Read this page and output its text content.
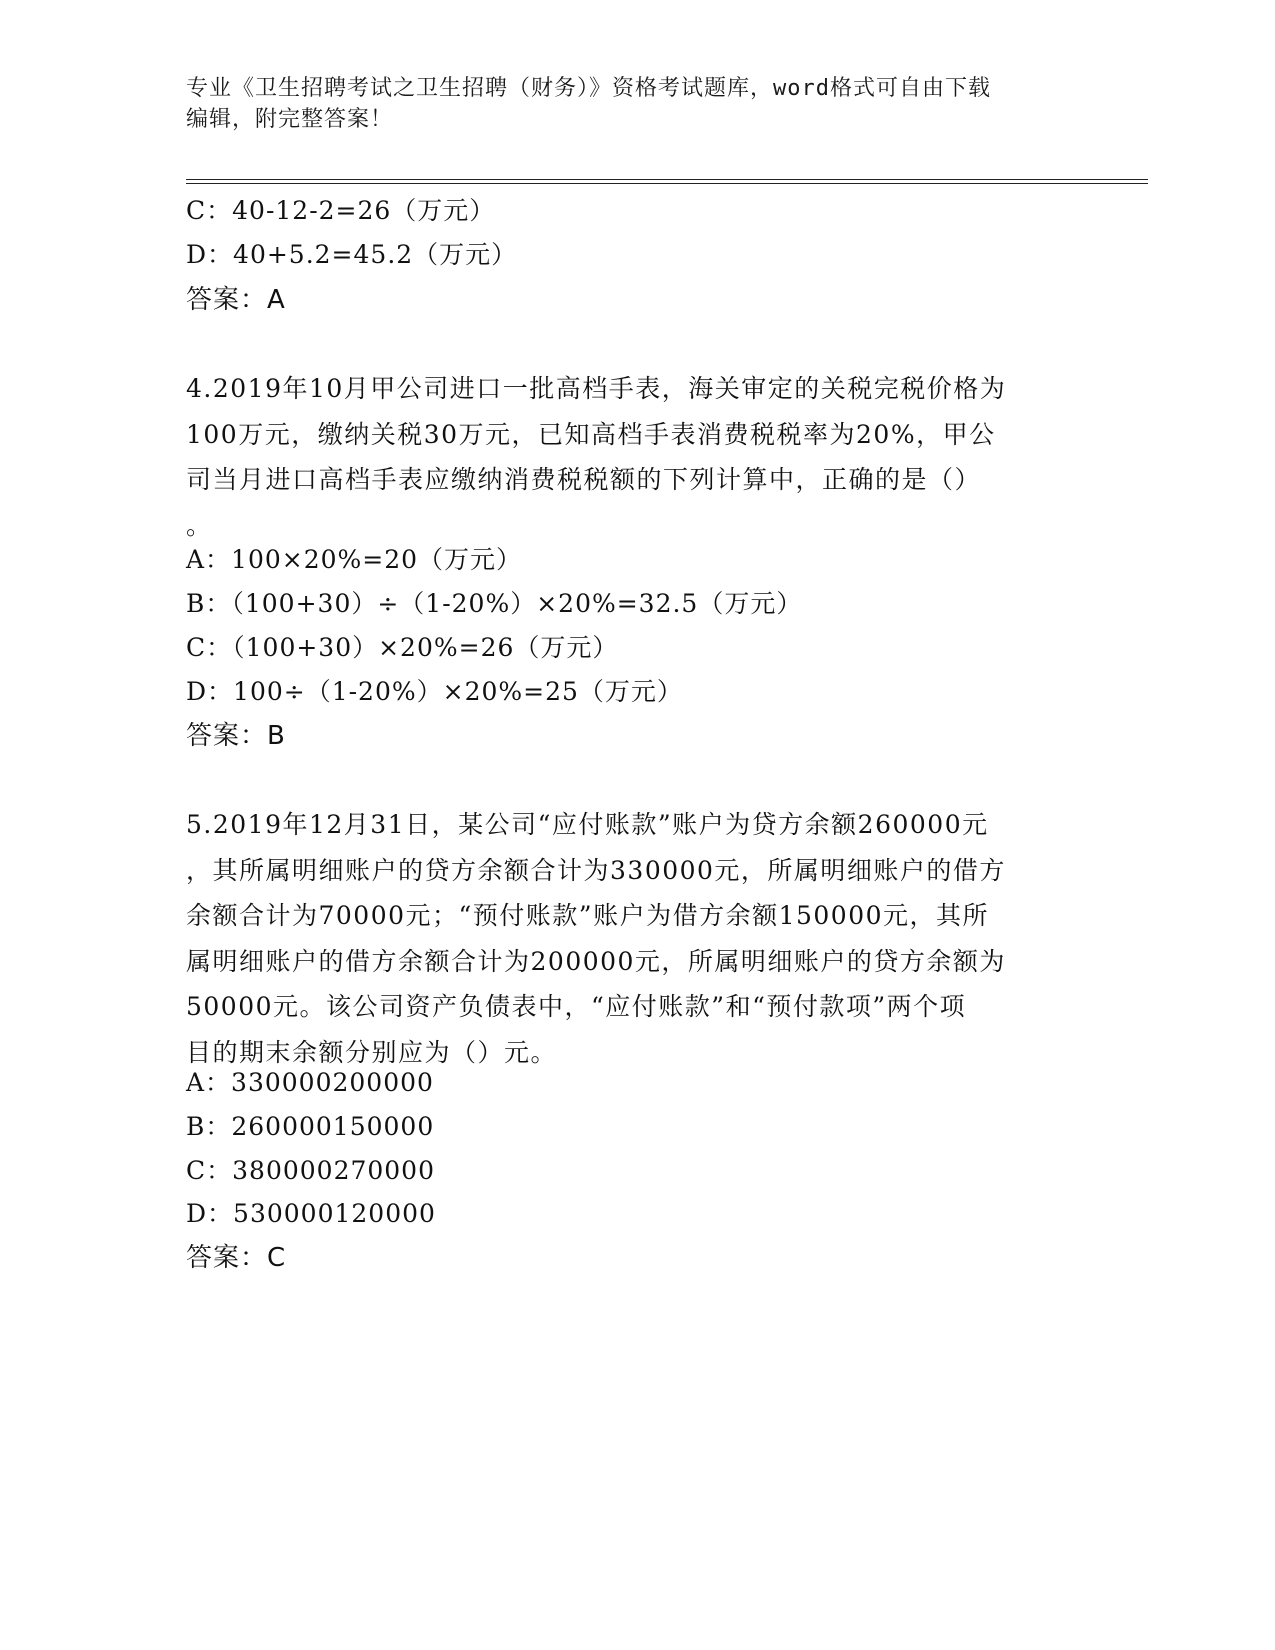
专业《卫生招聘考试之卫生招聘（财务）》资格考试题库，word格式可自由下载
编辑，附完整答案！
C：40-12-2=26（万元）
D：40+5.2=45.2（万元）
答案：A
4.2019年10月甲公司进口一批高档手表，海关审定的关税完税价格为
100万元，缴纳关税30万元，已知高档手表消费税税率为20%，甲公
司当月进口高档手表应缴纳消费税税额的下列计算中，正确的是（）
。
A：100×20%=20（万元）
B：（100+30）÷（1-20%）×20%=32.5（万元）
C：（100+30）×20%=26（万元）
D：100÷（1-20%）×20%=25（万元）
答案：B
5.2019年12月31日，某公司“应付账款”账户为贷方余额260000元
，其所属明细账户的贷方余额合计为330000元，所属明细账户的借方
余额合计为70000元；“预付账款”账户为借方余额150000元，其所
属明细账户的借方余额合计为200000元，所属明细账户的贷方余额为
50000元。该公司资产负债表中，“应付账款”和“预付款项”两个项
目的期末余额分别应为（）元。
A：330000200000
B：260000150000
C：380000270000
D：530000120000
答案：C
